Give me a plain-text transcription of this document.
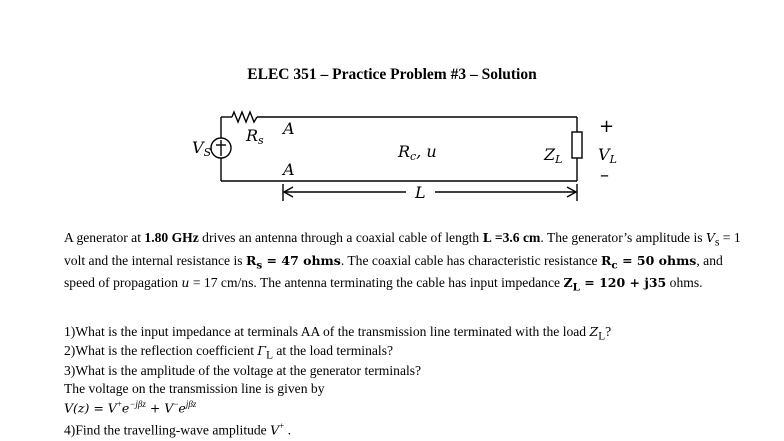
ELEC 351 – Practice Problem #3 – Solution
VS
Rs
A
A
Rc, u	ZL VL
L
+
–
A generator at 1.80 GHz drives an antenna through a coaxial cable of length L =3.6 cm. The generator’s amplitude is $V_s = 1$ volt and the internal resistance is $R_s = 47$ ohms. The coaxial cable has characteristic resistance $R_c = 50$ ohms, and speed of propagation u = 17 cm/ns. The antenna terminating the cable has input impedance $Z_L = 120 + j35$ ohms.
1)What is the input impedance at terminals AA of the transmission line terminated with the load $Z_L$?
2)What is the reflection coefficient $\Gamma_L$ at the load terminals?
3)What is the amplitude of the voltage at the generator terminals?
The voltage on the transmission line is given by
$V(z) = V^+e^{-j\beta z} + V^-e^{j\beta z}$
4)Find the travelling-wave amplitude V+ .
